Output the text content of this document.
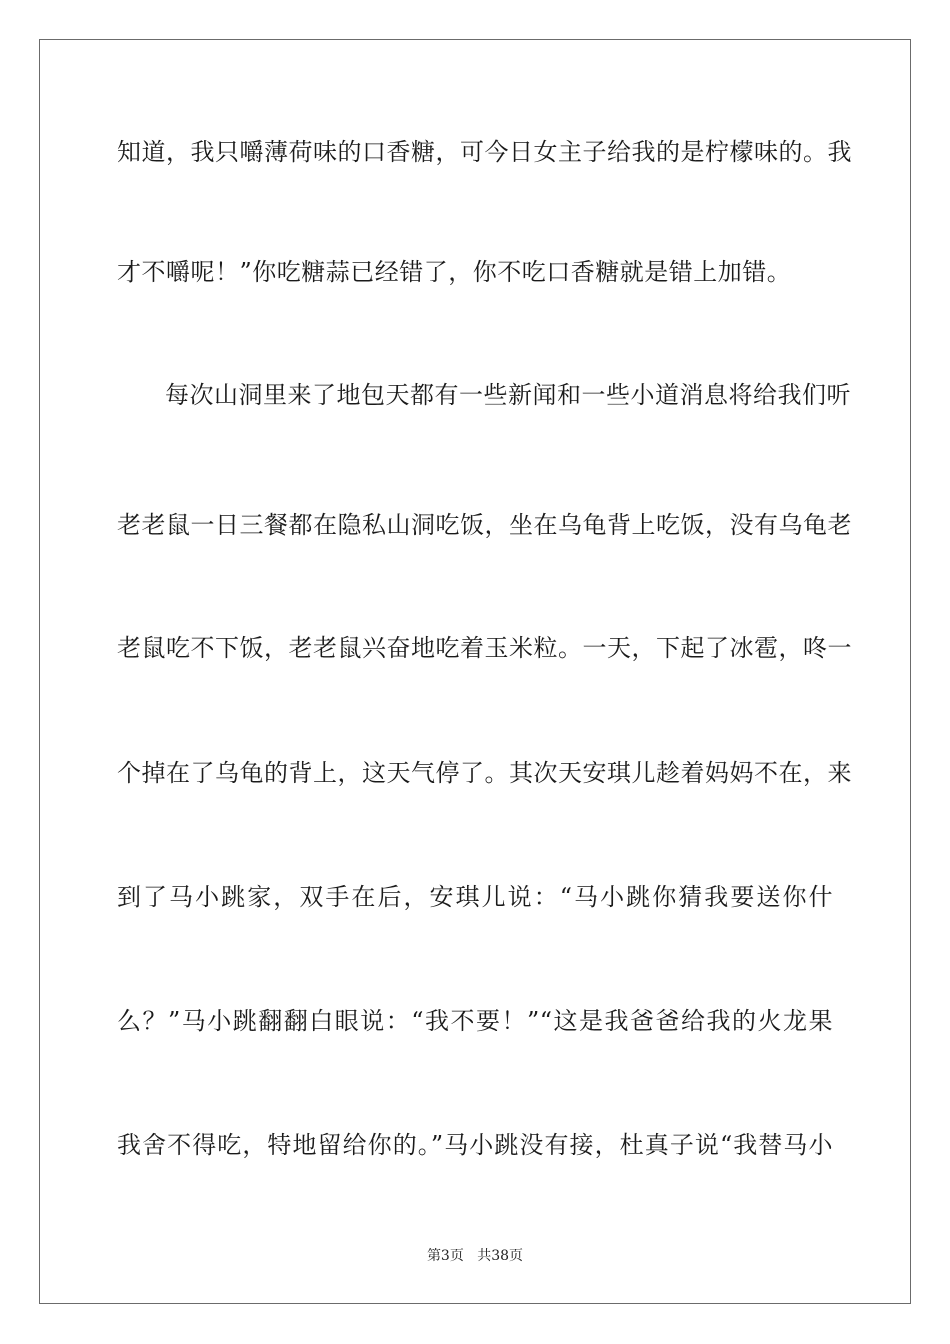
知道，我只嚼薄荷味的口香糖，可今日女主子给我的是柠檬味的。我
才不嚼呢！”你吃糖蒜已经错了，你不吃口香糖就是错上加错。
每次山洞里来了地包天都有一些新闻和一些小道消息将给我们听
老老鼠一日三餐都在隐私山洞吃饭，坐在乌龟背上吃饭，没有乌龟老
老鼠吃不下饭，老老鼠兴奋地吃着玉米粒。一天，下起了冰雹，咚一
个掉在了乌龟的背上，这天气停了。其次天安琪儿趁着妈妈不在，来
到了马小跳家，双手在后，安琪儿说：“马小跳你猜我要送你什
么？”马小跳翻翻白眼说：“我不要！”“这是我爸爸给我的火龙果
我舍不得吃，特地留给你的。”马小跳没有接，杜真子说“我替马小
第3页 共38页
